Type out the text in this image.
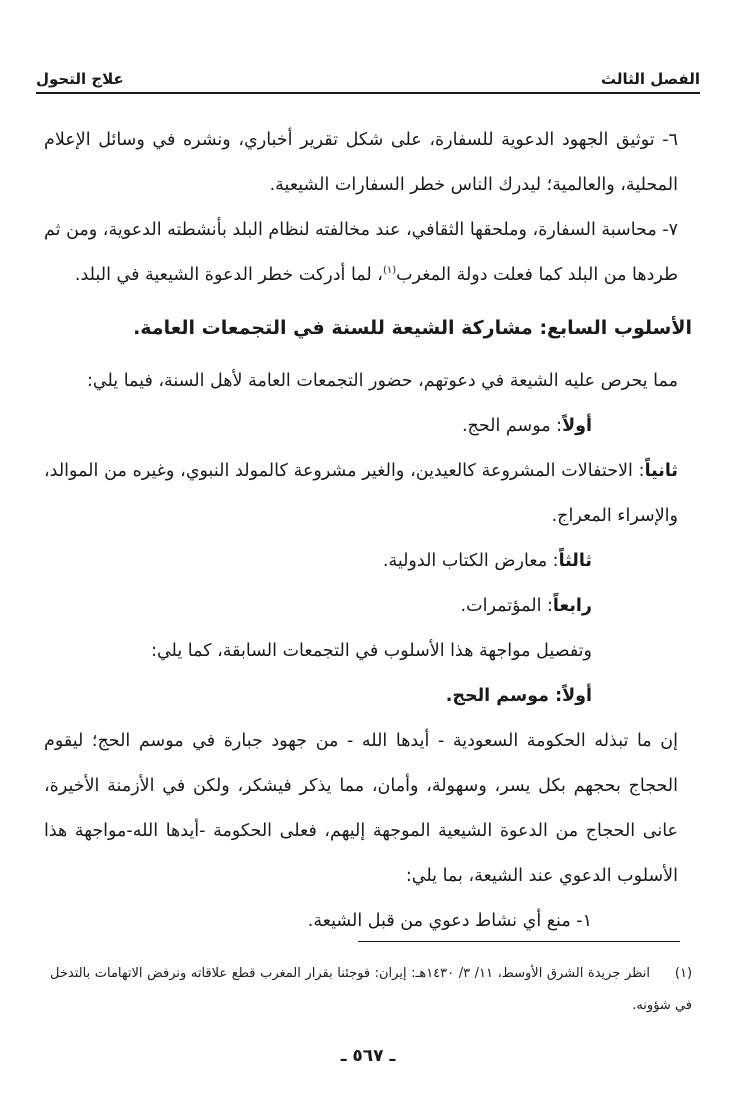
الفصل الثالث
علاج التحول

٦- توثيق الجهود الدعوية للسفارة، على شكل تقرير أخباري، ونشره في وسائل الإعلام المحلية، والعالمية؛ ليدرك الناس خطر السفارات الشيعية.

٧- محاسبة السفارة، وملحقها الثقافي، عند مخالفته لنظام البلد بأنشطته الدعوية، ومن ثم طردها من البلد كما فعلت دولة المغرب$^{(١)}$، لما أدركت خطر الدعوة الشيعية في البلد.

الأسلوب السابع: مشاركة الشيعة للسنة في التجمعات العامة.

مما يحرص عليه الشيعة في دعوتهم، حضور التجمعات العامة لأهل السنة، فيما يلي:

أولاً: موسم الحج.

ثانياً: الاحتفالات المشروعة كالعيدين، والغير مشروعة كالمولد النبوي، وغيره من الموالد، والإسراء المعراج.

ثالثاً: معارض الكتاب الدولية.

رابعاً: المؤتمرات.

وتفصيل مواجهة هذا الأسلوب في التجمعات السابقة، كما يلي:

أولاً: موسم الحج.

إن ما تبذله الحكومة السعودية - أيدها الله - من جهود جبارة في موسم الحج؛ ليقوم الحجاج بحجهم بكل يسر، وسهولة، وأمان، مما يذكر فيشكر، ولكن في الأزمنة الأخيرة، عانى الحجاج من الدعوة الشيعية الموجهة إليهم، فعلى الحكومة -أيدها الله-مواجهة هذا الأسلوب الدعوي عند الشيعة، بما يلي:

١- منع أي نشاط دعوي من قبل الشيعة.

(١)انظر جريدة الشرق الأوسط، ١١/ ٣/ ١٤٣٠هـ: إيران: فوجئنا بقرار المغرب قطع علاقاته ونرفض الاتهامات بالتدخل في شؤونه.
ـ ٥٦٧ ـ
